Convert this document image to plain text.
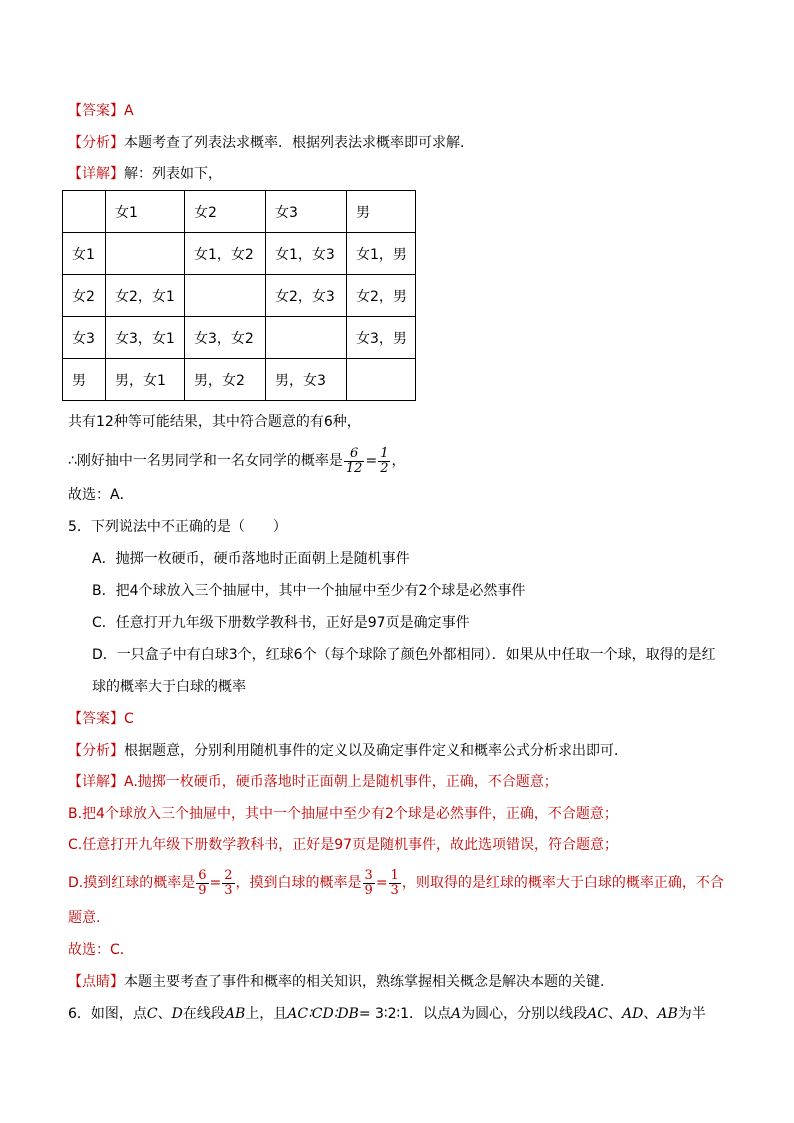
【答案】A
【分析】本题考查了列表法求概率．根据列表法求概率即可求解．
【详解】解：列表如下，
	女1	女2	女3	男
女1		女1，女2	女1，女3	女1，男
女2	女2，女1		女2，女3	女2，男
女3	女3，女1	女3，女2		女3，男
男	男，女1	男，女2	男，女3	
共有12种等可能结果，其中符合题意的有6种，
∴刚好抽中一名男同学和一名女同学的概率是 $\frac{6}{12} = \frac{1}{2}$ ，
故选：A．
5．下列说法中不正确的是（　　）
A．抛掷一枚硬币，硬币落地时正面朝上是随机事件
B．把4个球放入三个抽屉中，其中一个抽屉中至少有2个球是必然事件
C．任意打开九年级下册数学教科书，正好是97页是确定事件
D．一只盒子中有白球3个，红球6个（每个球除了颜色外都相同）．如果从中任取一个球，取得的是红
球的概率大于白球的概率
【答案】C
【分析】根据题意，分别利用随机事件的定义以及确定事件定义和概率公式分析求出即可．
【详解】A.抛掷一枚硬币，硬币落地时正面朝上是随机事件，正确，不合题意；
B.把4个球放入三个抽屉中，其中一个抽屉中至少有2个球是必然事件，正确，不合题意；
C.任意打开九年级下册数学教科书，正好是97页是随机事件，故此选项错误，符合题意；
D.摸到红球的概率是 $\frac{6}{9} = \frac{2}{3}$ ，摸到白球的概率是 $\frac{3}{9} = \frac{1}{3}$ ，则取得的是红球的概率大于白球的概率正确，不合
题意.
故选：C．
【点睛】本题主要考查了事件和概率的相关知识，熟练掌握相关概念是解决本题的关键.
6．如图，点C、D在线段AB上，且AC∶CD∶DB= 3∶2∶1．以点A为圆心，分别以线段AC、AD、AB为半
